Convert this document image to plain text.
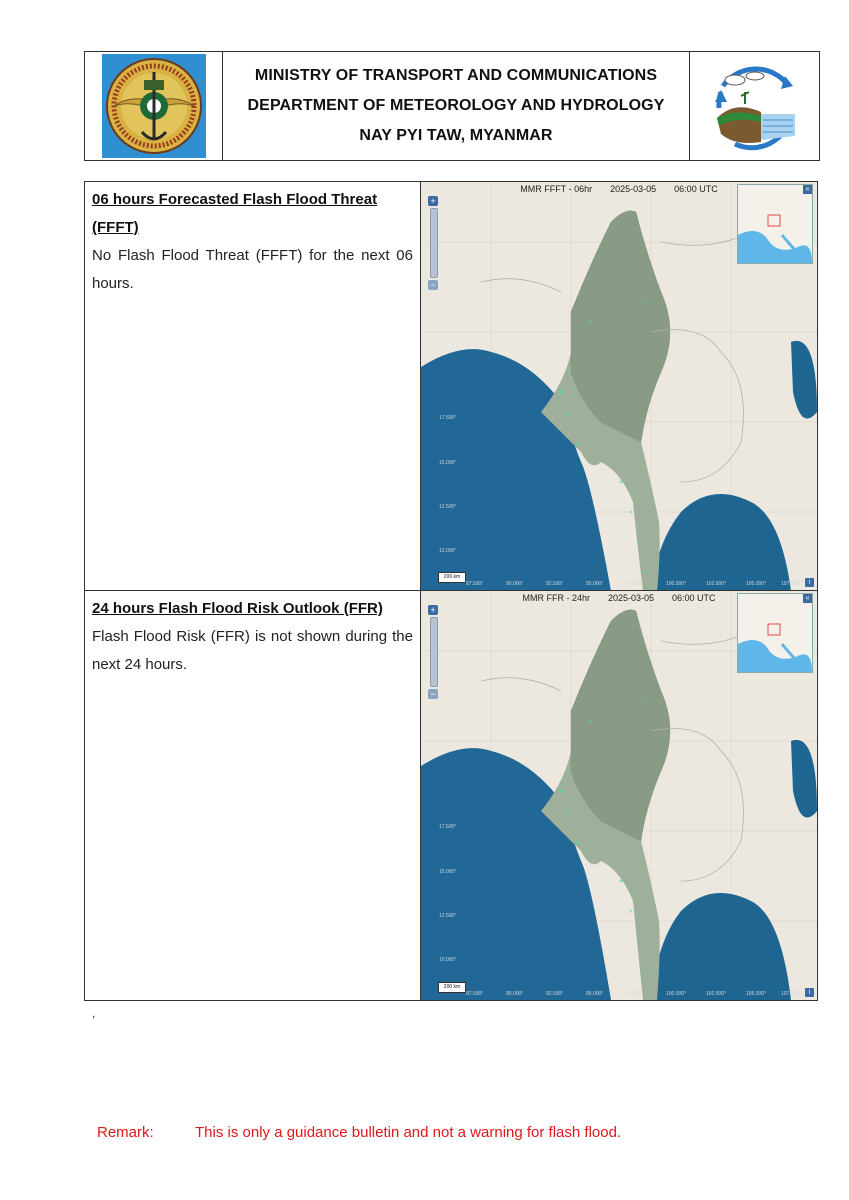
MINISTRY OF TRANSPORT AND COMMUNICATIONS
DEPARTMENT OF METEOROLOGY AND HYDROLOGY
NAY PYI TAW, MYANMAR
06 hours Forecasted Flash Flood Threat
(FFFT)
No Flash Flood Threat (FFFT) for the next 06 hours.
MMR FFFT - 06hr 2025-03-05 06:00 UTC
+
−
«
17.500°
15.000°
12.500°
10.000°
87.500°	90.000°	92.500°	95.000°	97.500°	100.000°	102.500°	105.000°	107.500°
200 km
i
24 hours Flash Flood Risk Outlook (FFR)
Flash Flood Risk (FFR) is not shown during the next 24 hours.
MMR FFR - 24hr 2025-03-05 06:00 UTC
+
−
«
17.500°
15.000°
12.500°
10.000°
87.500°	90.000°	92.500°	95.000°	97.500°	100.000°	102.500°	105.000°	107.500°
200 km
i
,
Remark:	This is only a guidance bulletin and not a warning for flash flood.
